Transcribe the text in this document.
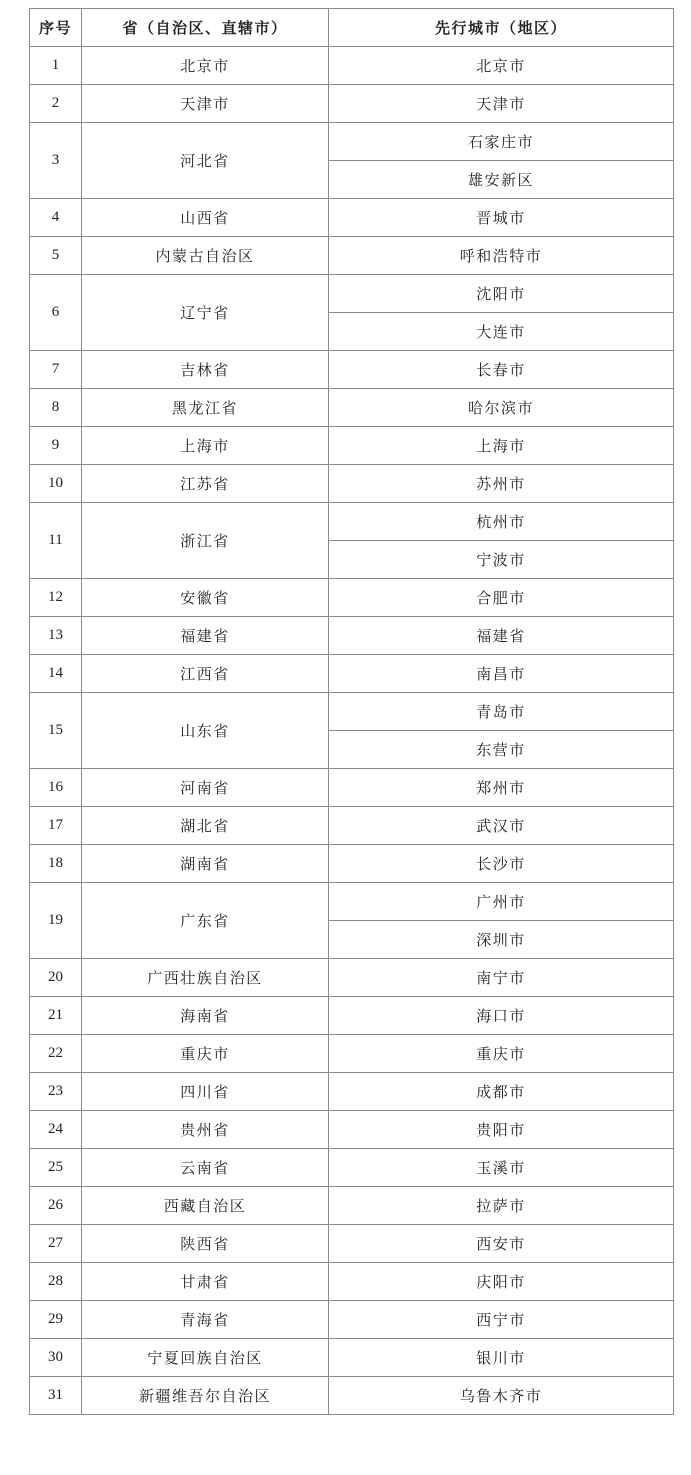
序号	省（自治区、直辖市）	先行城市（地区）
1	北京市	北京市
2	天津市	天津市
3	河北省	石家庄市
		雄安新区
4	山西省	晋城市
5	内蒙古自治区	呼和浩特市
6	辽宁省	沈阳市
		大连市
7	吉林省	长春市
8	黑龙江省	哈尔滨市
9	上海市	上海市
10	江苏省	苏州市
11	浙江省	杭州市
		宁波市
12	安徽省	合肥市
13	福建省	福建省
14	江西省	南昌市
15	山东省	青岛市
		东营市
16	河南省	郑州市
17	湖北省	武汉市
18	湖南省	长沙市
19	广东省	广州市
		深圳市
20	广西壮族自治区	南宁市
21	海南省	海口市
22	重庆市	重庆市
23	四川省	成都市
24	贵州省	贵阳市
25	云南省	玉溪市
26	西藏自治区	拉萨市
27	陕西省	西安市
28	甘肃省	庆阳市
29	青海省	西宁市
30	宁夏回族自治区	银川市
31	新疆维吾尔自治区	乌鲁木齐市
